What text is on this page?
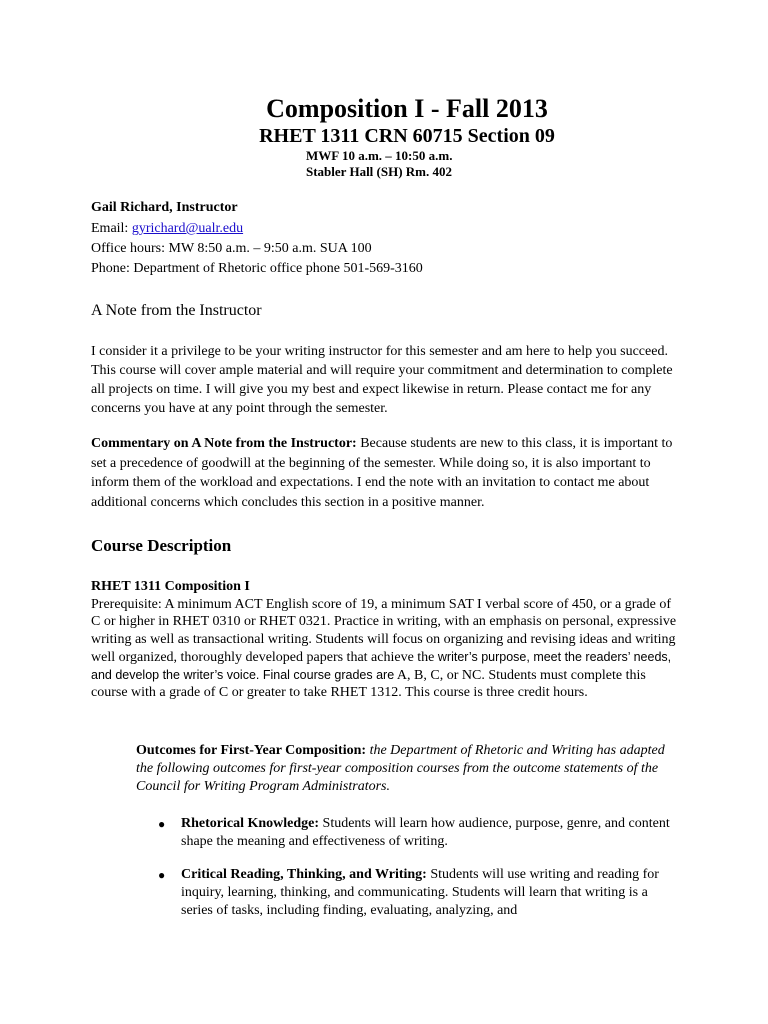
Composition I - Fall 2013
RHET 1311 CRN 60715 Section 09
MWF 10 a.m. – 10:50 a.m.
Stabler Hall (SH) Rm. 402
Gail Richard, Instructor
Email: gyrichard@ualr.edu
Office hours: MW 8:50 a.m. – 9:50 a.m. SUA 100
Phone: Department of Rhetoric office phone 501-569-3160
A Note from the Instructor
I consider it a privilege to be your writing instructor for this semester and am here to help you succeed. This course will cover ample material and will require your commitment and determination to complete all projects on time. I will give you my best and expect likewise in return. Please contact me for any concerns you have at any point through the semester.
Commentary on A Note from the Instructor: Because students are new to this class, it is important to set a precedence of goodwill at the beginning of the semester. While doing so, it is also important to inform them of the workload and expectations. I end the note with an invitation to contact me about additional concerns which concludes this section in a positive manner.
Course Description
RHET 1311 Composition I
Prerequisite: A minimum ACT English score of 19, a minimum SAT I verbal score of 450, or a grade of C or higher in RHET 0310 or RHET 0321. Practice in writing, with an emphasis on personal, expressive writing as well as transactional writing. Students will focus on organizing and revising ideas and writing well organized, thoroughly developed papers that achieve the writer’s purpose, meet the readers’ needs, and develop the writer’s voice. Final course grades are A, B, C, or NC. Students must complete this course with a grade of C or greater to take RHET 1312. This course is three credit hours.
Outcomes for First-Year Composition: the Department of Rhetoric and Writing has adapted the following outcomes for first-year composition courses from the outcome statements of the Council for Writing Program Administrators.
●	Rhetorical Knowledge: Students will learn how audience, purpose, genre, and content shape the meaning and effectiveness of writing.
●	Critical Reading, Thinking, and Writing: Students will use writing and reading for inquiry, learning, thinking, and communicating. Students will learn that writing is a series of tasks, including finding, evaluating, analyzing, and
